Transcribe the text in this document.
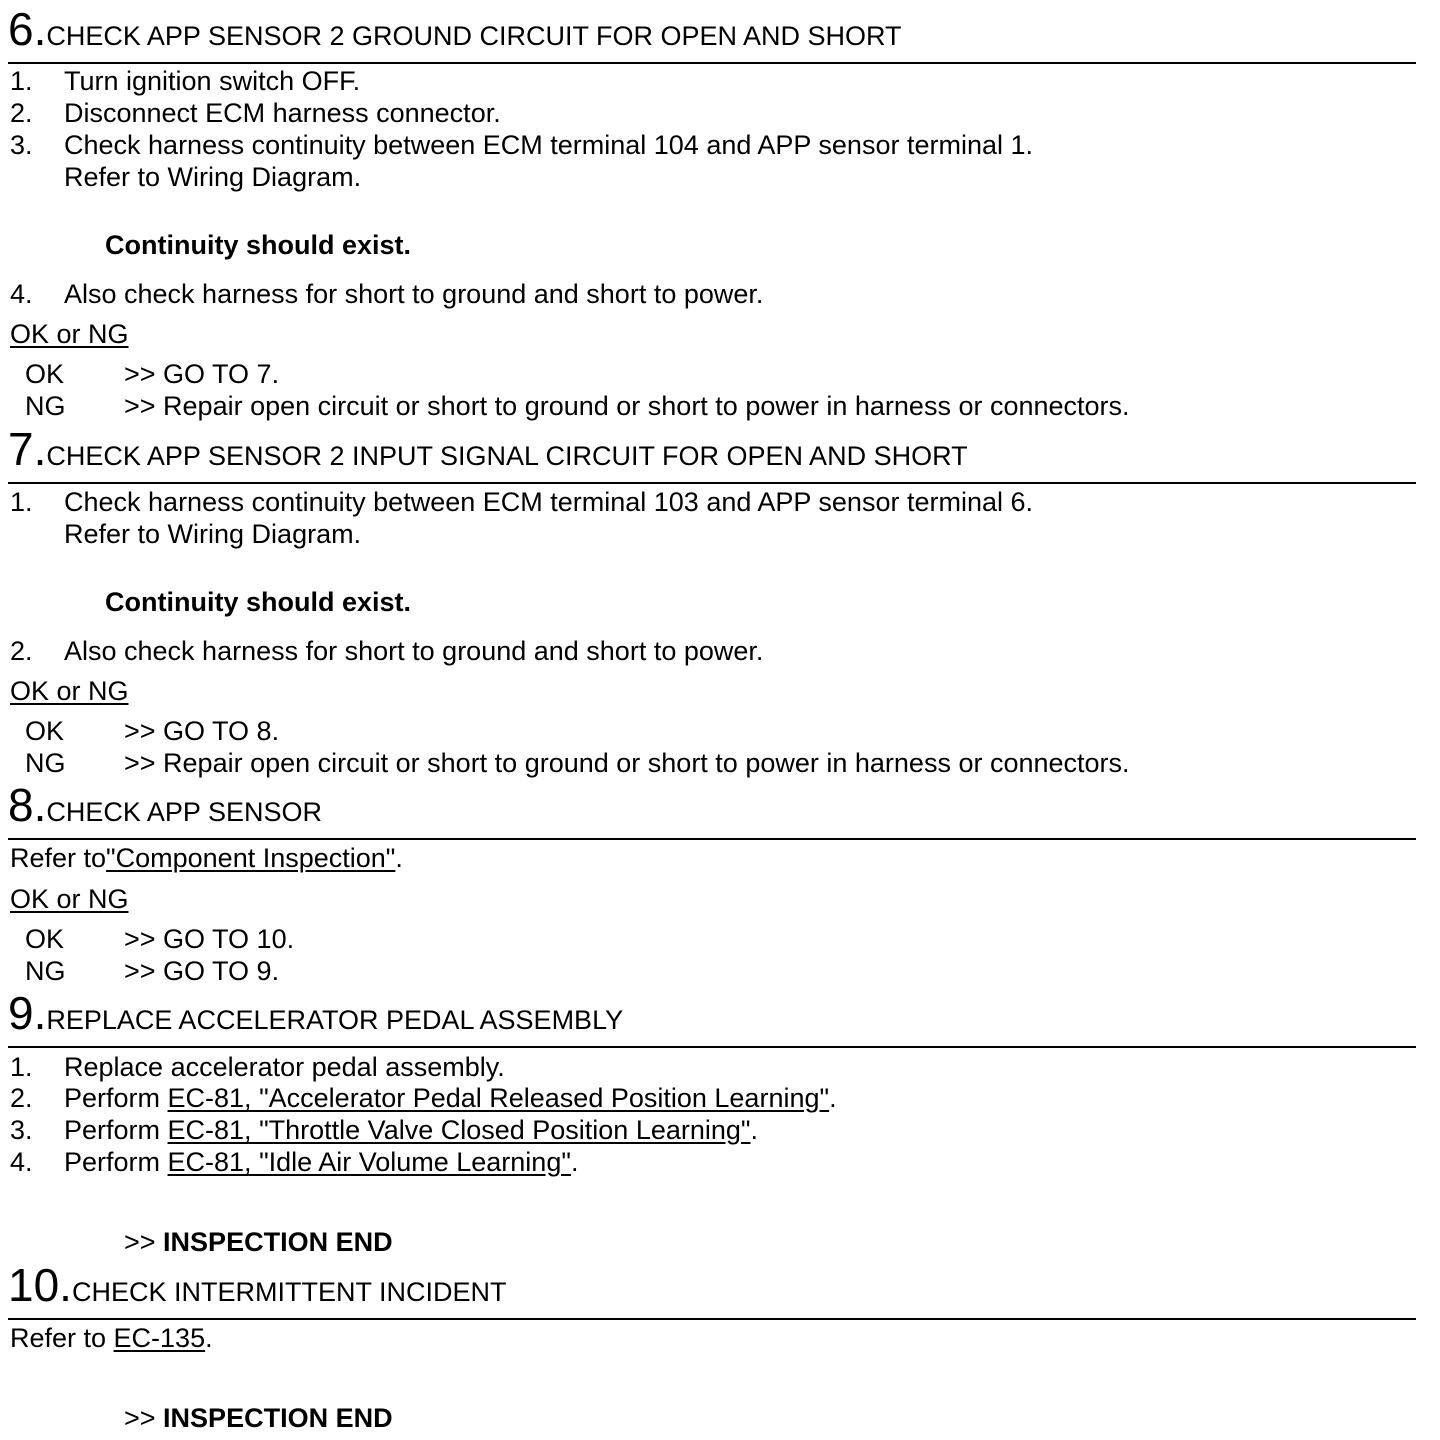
6.CHECK APP SENSOR 2 GROUND CIRCUIT FOR OPEN AND SHORT
1. Turn ignition switch OFF.
2. Disconnect ECM harness connector.
3. Check harness continuity between ECM terminal 104 and APP sensor terminal 1.
Refer to Wiring Diagram.
Continuity should exist.
4. Also check harness for short to ground and short to power.
OK or NG
OK >> GO TO 7.
NG >> Repair open circuit or short to ground or short to power in harness or connectors.
7.CHECK APP SENSOR 2 INPUT SIGNAL CIRCUIT FOR OPEN AND SHORT
1. Check harness continuity between ECM terminal 103 and APP sensor terminal 6.
Refer to Wiring Diagram.
Continuity should exist.
2. Also check harness for short to ground and short to power.
OK or NG
OK >> GO TO 8.
NG >> Repair open circuit or short to ground or short to power in harness or connectors.
8.CHECK APP SENSOR
Refer to"Component Inspection".
OK or NG
OK >> GO TO 10.
NG >> GO TO 9.
9.REPLACE ACCELERATOR PEDAL ASSEMBLY
1. Replace accelerator pedal assembly.
2. Perform EC-81, "Accelerator Pedal Released Position Learning".
3. Perform EC-81, "Throttle Valve Closed Position Learning".
4. Perform EC-81, "Idle Air Volume Learning".
>> INSPECTION END
10.CHECK INTERMITTENT INCIDENT
Refer to EC-135.
>> INSPECTION END
